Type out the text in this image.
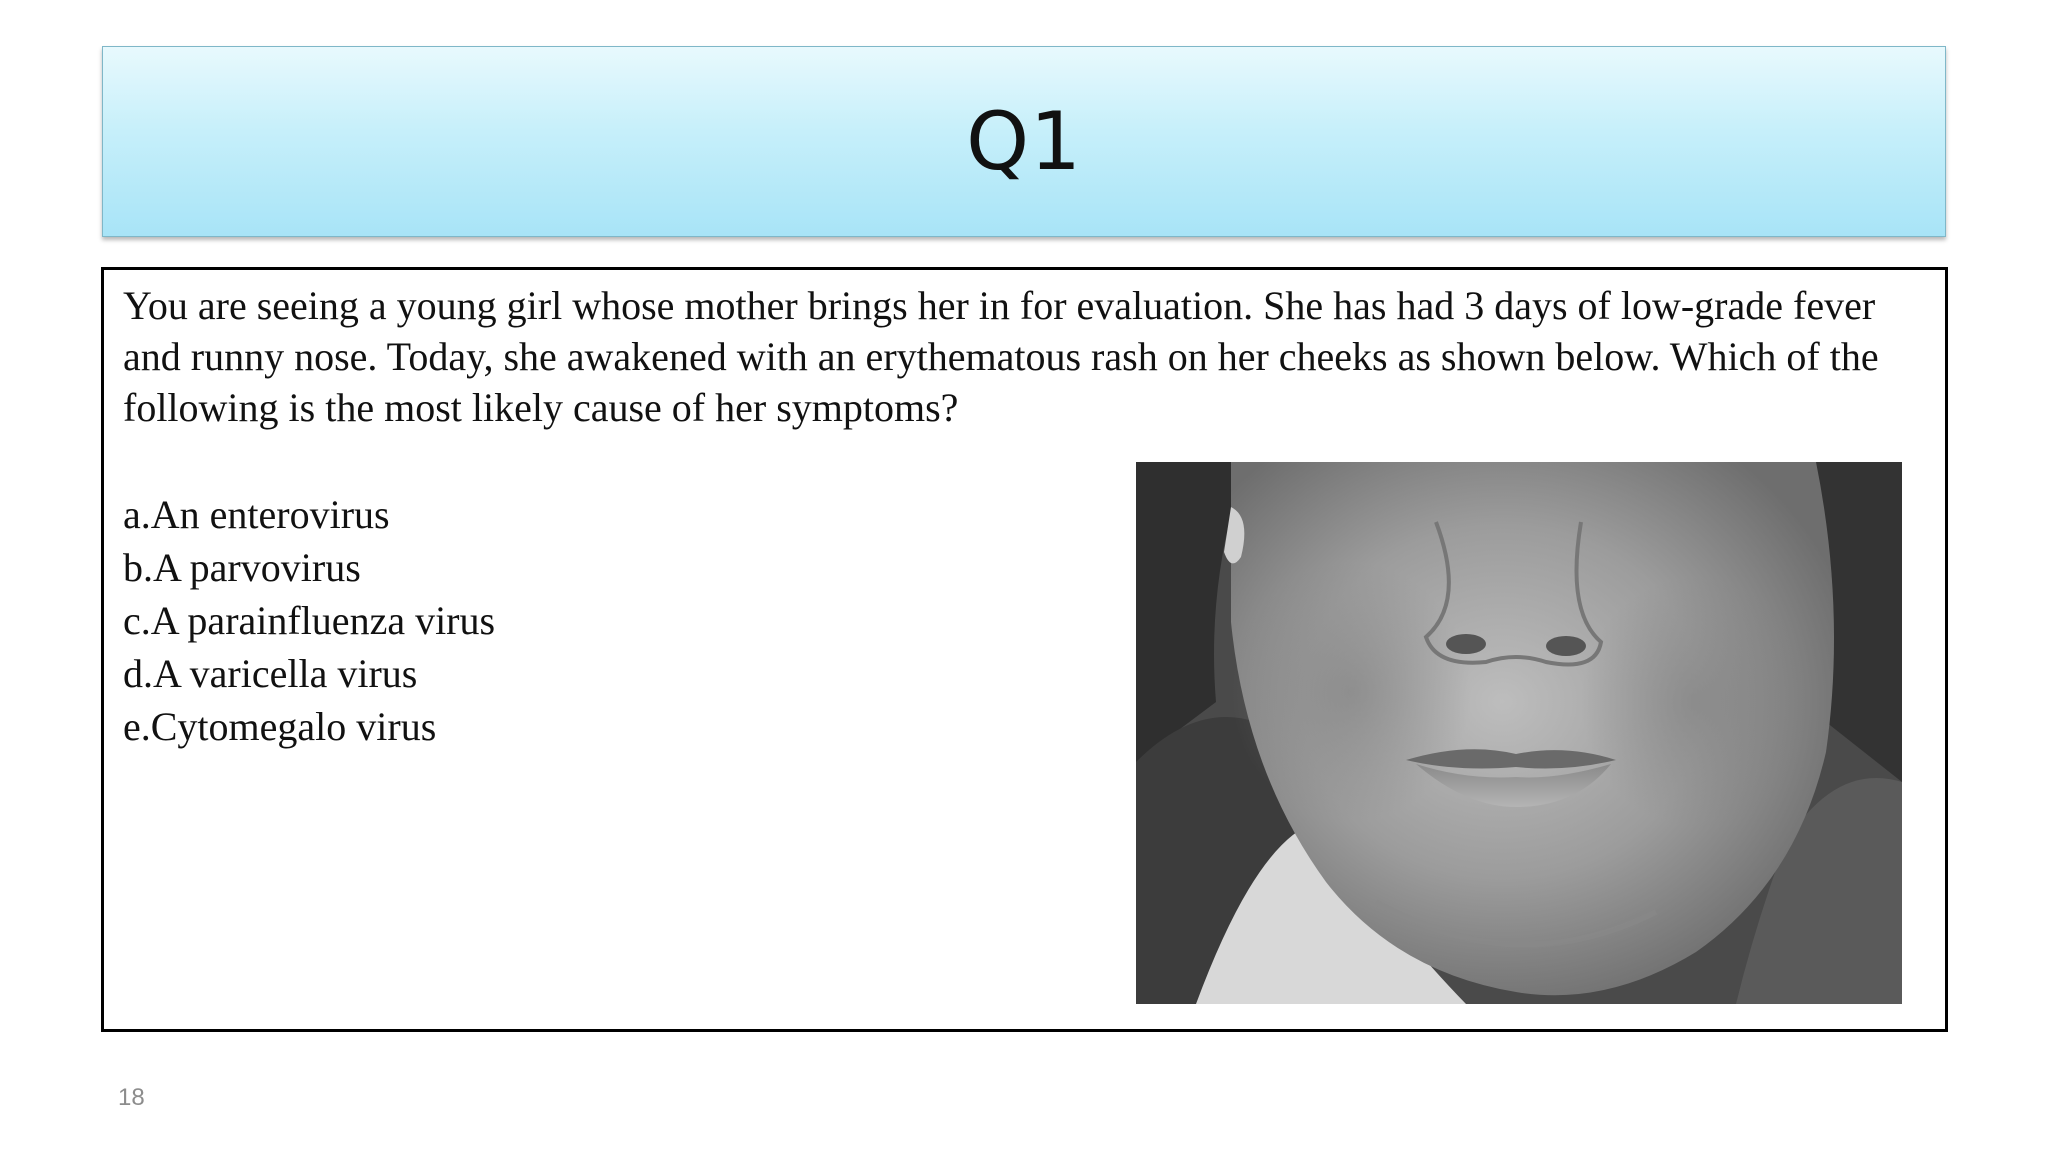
Q1

You are seeing a young girl whose mother brings her in for evaluation. She has had 3 days of low-grade fever and runny nose. Today, she awakened with an erythematous rash on her cheeks as shown below. Which of the following is the most likely cause of her symptoms?

a.An enterovirus
b.A parvovirus
c.A parainfluenza virus
d.A varicella virus
e.Cytomegalo virus
18
